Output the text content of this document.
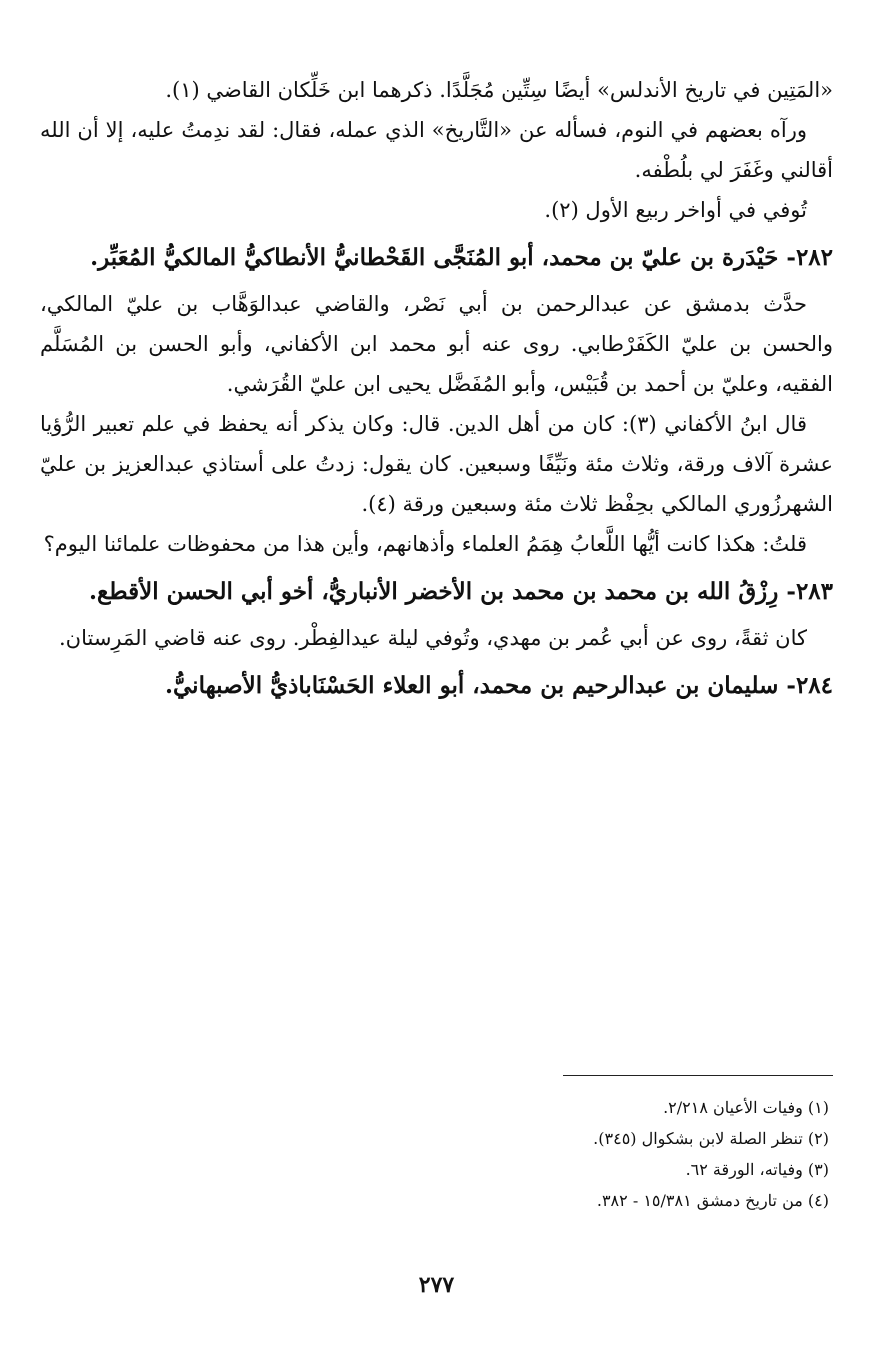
«المَتِين في تاريخ الأندلس» أيضًا سِتِّين مُجَلَّدًا. ذكرهما ابن خَلِّكان القاضي (١).

ورآه بعضهم في النوم، فسأله عن «التَّاريخ» الذي عمله، فقال: لقد ندِمتُ عليه، إلا أن الله أقالني وغَفَرَ لي بلُطْفه.

تُوفي في أواخر ربيع الأول (٢).

٢٨٢- حَيْدَرة بن عليّ بن محمد، أبو المُنَجَّى القَحْطانيُّ الأنطاكيُّ المالكيُّ المُعَبِّر.

حدَّث بدمشق عن عبدالرحمن بن أبي نَصْر، والقاضي عبدالوَهَّاب بن عليّ المالكي، والحسن بن عليّ الكَفَرْطابي. روى عنه أبو محمد ابن الأكفاني، وأبو الحسن بن المُسَلَّم الفقيه، وعليّ بن أحمد بن قُبَيْس، وأبو المُفَضَّل يحيى ابن عليّ القُرَشي.

قال ابنُ الأكفاني (٣): كان من أهل الدين. قال: وكان يذكر أنه يحفظ في علم تعبير الرُّؤيا عشرة آلاف ورقة، وثلاث مئة ونَيِّفًا وسبعين. كان يقول: زدتُ على أستاذي عبدالعزيز بن عليّ الشهرزُوري المالكي بحِفْظ ثلاث مئة وسبعين ورقة (٤).

قلتُ: هكذا كانت أيُّها اللَّعابُ هِمَمُ العلماء وأذهانهم، وأين هذا من محفوظات علمائنا اليوم؟

٢٨٣- رِزْقُ الله بن محمد بن محمد بن الأخضر الأنباريُّ، أخو أبي الحسن الأقطع.

كان ثقةً، روى عن أبي عُمر بن مهدي، وتُوفي ليلة عيدالفِطْر. روى عنه قاضي المَرِستان.

٢٨٤- سليمان بن عبدالرحيم بن محمد، أبو العلاء الحَسْنَاباذيُّ الأصبهانيُّ.

(١) وفيات الأعيان ٢/٢١٨.

(٢) تنظر الصلة لابن بشكوال (٣٤٥).

(٣) وفياته، الورقة ٦٢.

(٤) من تاريخ دمشق ١٥/٣٨١ - ٣٨٢.

٢٧٧
